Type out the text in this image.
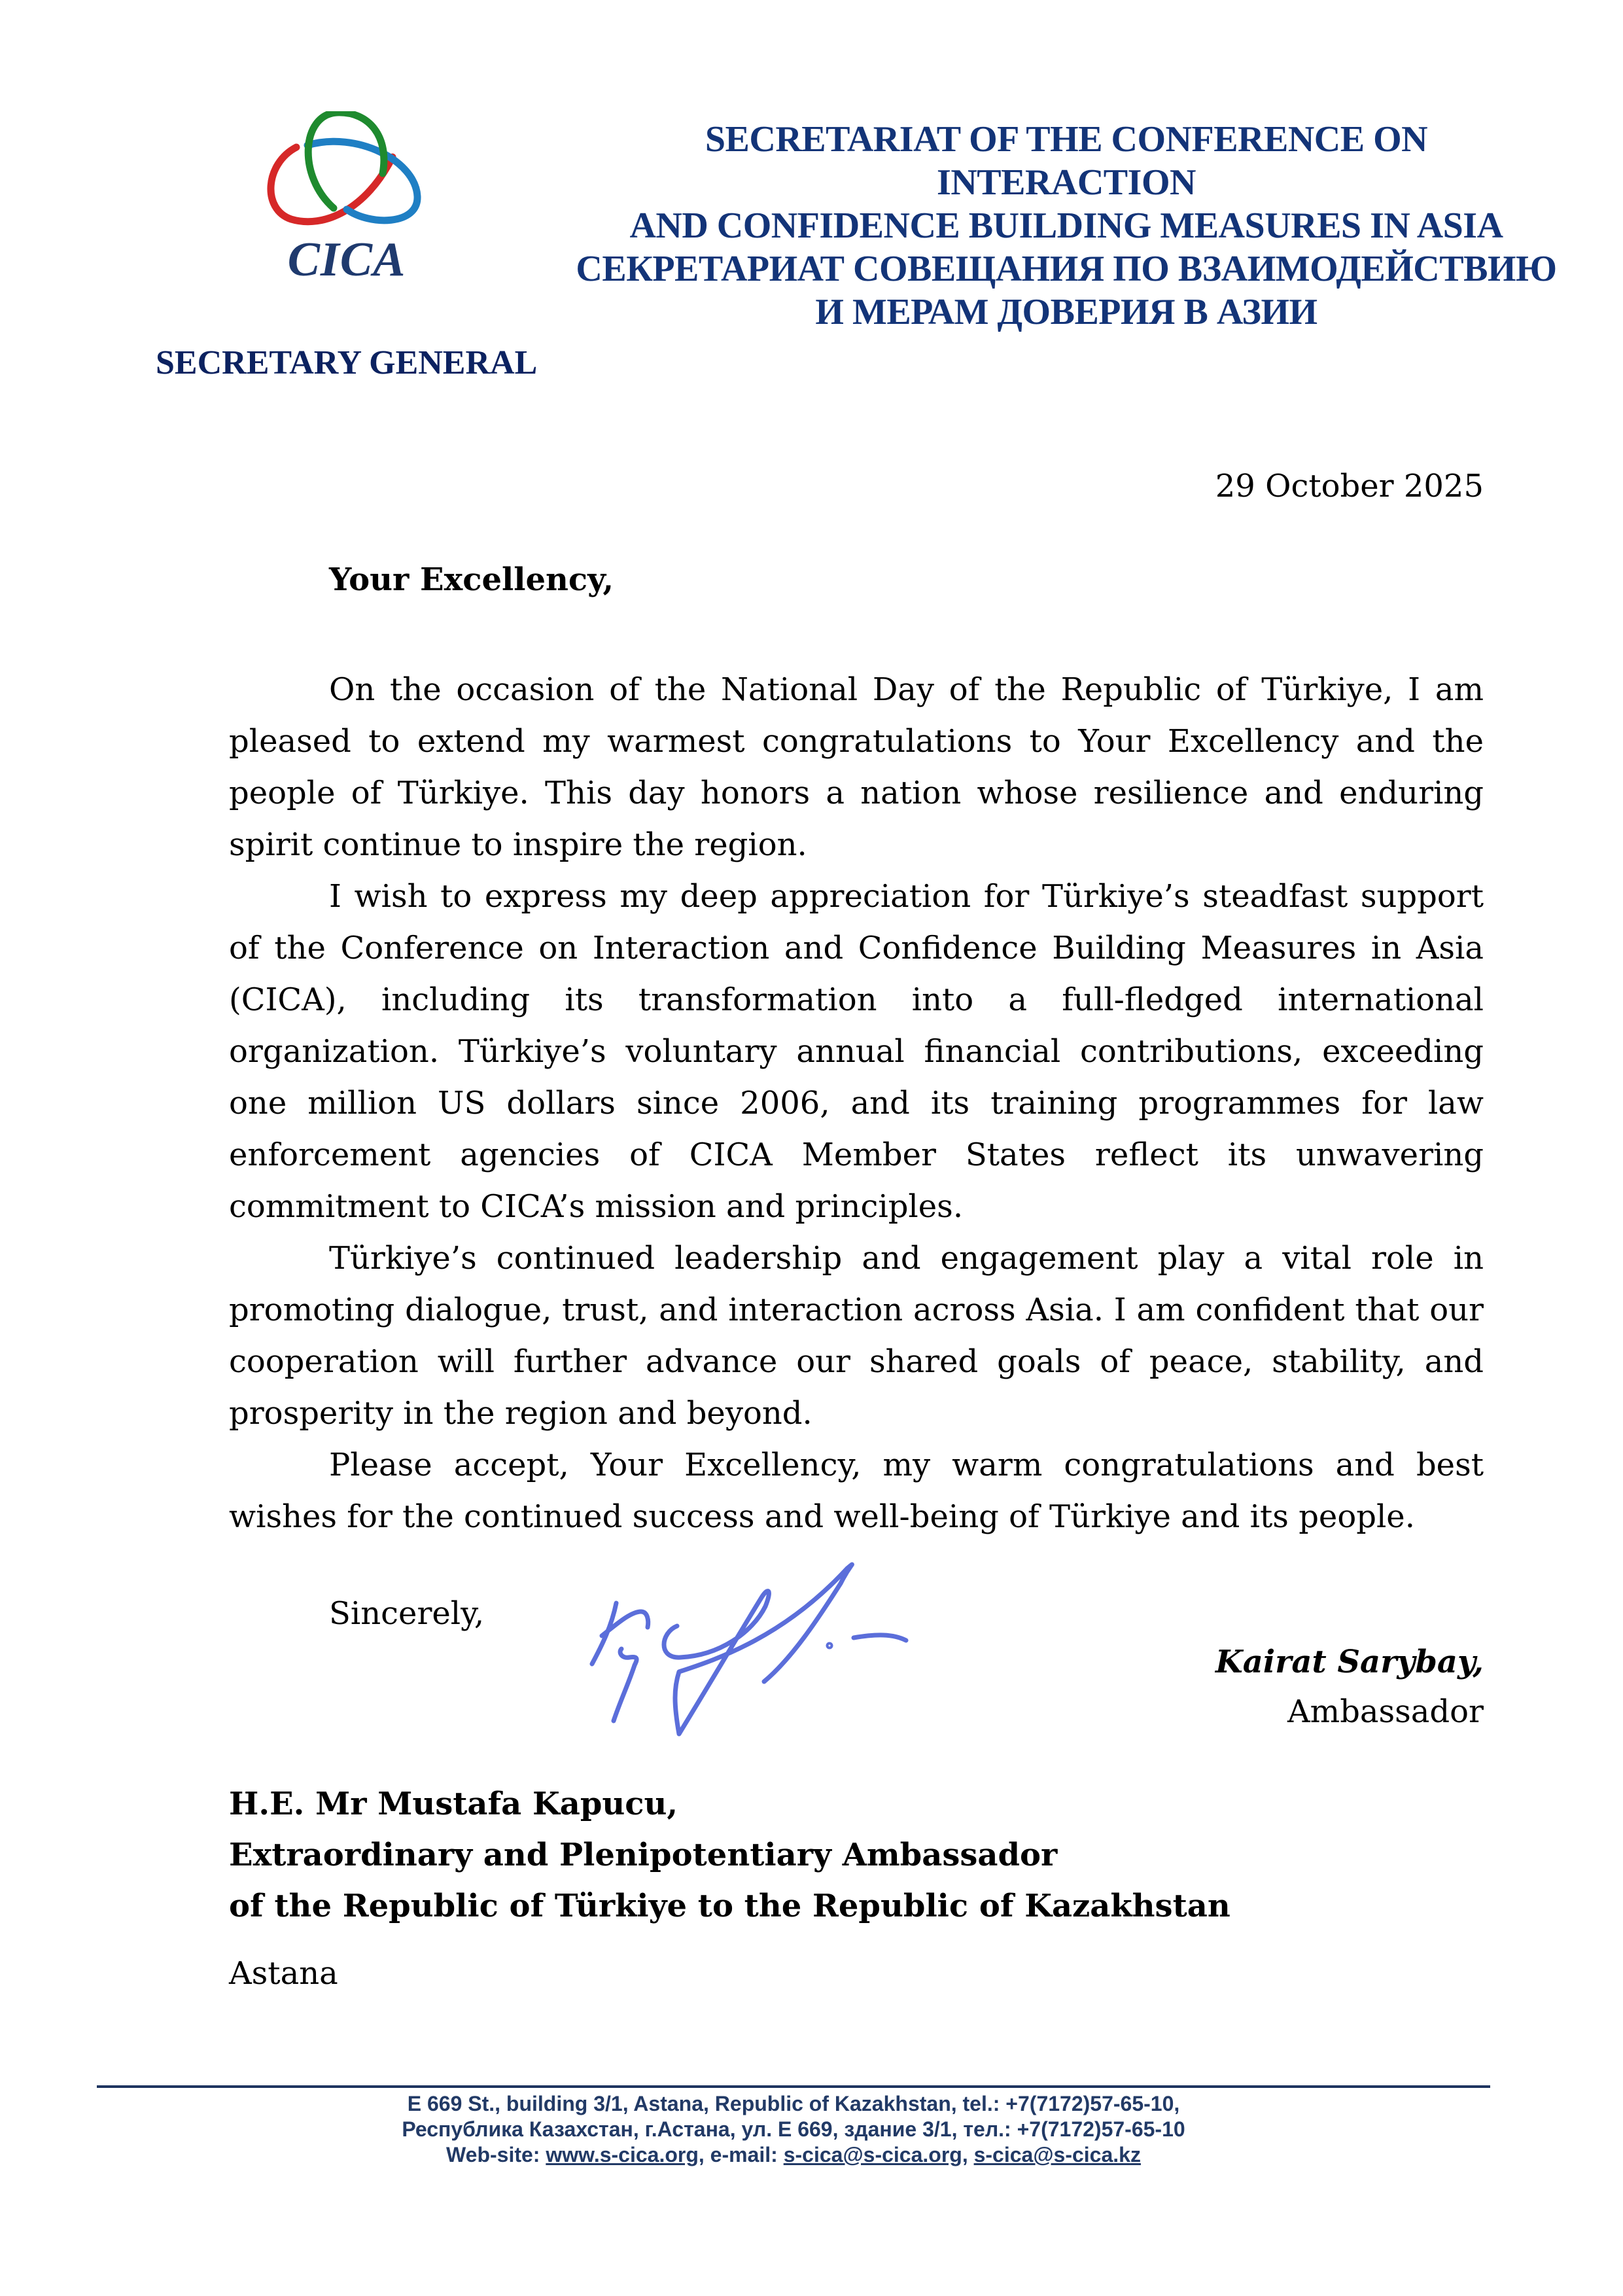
CICA
SECRETARY GENERAL
SECRETARIAT OF THE CONFERENCE ON INTERACTION
AND CONFIDENCE BUILDING MEASURES IN ASIA
СЕКРЕТАРИАТ СОВЕЩАНИЯ ПО ВЗАИМОДЕЙСТВИЮ
И МЕРАМ ДОВЕРИЯ В АЗИИ
29 October 2025
Your Excellency,

On the occasion of the National Day of the Republic of Türkiye, I am pleased to extend my warmest congratulations to Your Excellency and the people of Türkiye. This day honors a nation whose resilience and enduring spirit continue to inspire the region.

I wish to express my deep appreciation for Türkiye’s steadfast support of the Conference on Interaction and Confidence Building Measures in Asia (CICA), including its transformation into a full-fledged international organization. Türkiye’s voluntary annual financial contributions, exceeding one million US dollars since 2006, and its training programmes for law enforcement agencies of CICA Member States reflect its unwavering commitment to CICA’s mission and principles.

Türkiye’s continued leadership and engagement play a vital role in promoting dialogue, trust, and interaction across Asia. I am confident that our cooperation will further advance our shared goals of peace, stability, and prosperity in the region and beyond.

Please accept, Your Excellency, my warm congratulations and best wishes for the continued success and well-being of Türkiye and its people.

Sincerely,
Kairat Sarybay,
Ambassador
H.E. Mr Mustafa Kapucu,
Extraordinary and Plenipotentiary Ambassador
of the Republic of Türkiye to the Republic of Kazakhstan
Astana
E 669 St., building 3/1, Astana, Republic of Kazakhstan, tel.: +7(7172)57-65-10,
Республика Казахстан, г.Астана, ул. Е 669, здание 3/1, тел.: +7(7172)57-65-10
Web-site: www.s-cica.org, e-mail: s-cica@s-cica.org, s-cica@s-cica.kz
